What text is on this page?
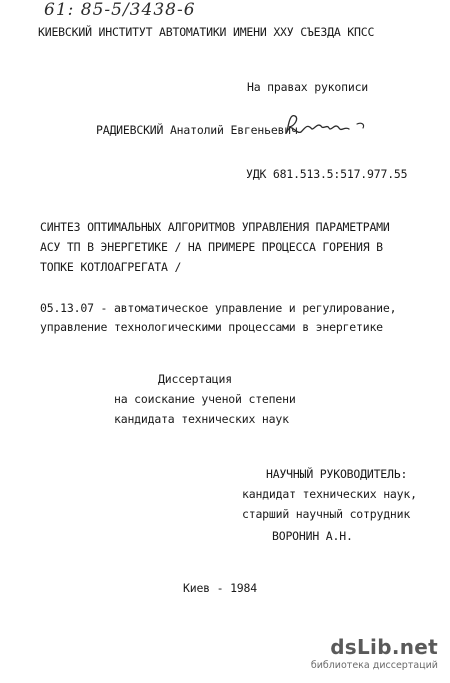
61: 85-5/3438-6
КИЕВСКИЙ ИНСТИТУТ АВТОМАТИКИ ИМЕНИ ХХУ СЪЕЗДА КПСС
На правах рукописи
РАДИЕВСКИЙ Анатолий Евгеньевич
УДК 681.513.5:517.977.55
СИНТЕЗ ОПТИМАЛЬНЫХ АЛГОРИТМОВ УПРАВЛЕНИЯ ПАРАМЕТРАМИ
АСУ ТП В ЭНЕРГЕТИКЕ / НА ПРИМЕРЕ ПРОЦЕССА ГОРЕНИЯ В
ТОПКЕ КОТЛОАГРЕГАТА /
05.13.07 - автоматическое управление и регулирование,
управление технологическими процессами в энергетике
Диссертация
на соискание ученой степени
кандидата технических наук
НАУЧНЫЙ РУКОВОДИТЕЛЬ:
кандидат технических наук,
старший научный сотрудник
ВОРОНИН А.Н.
Киев - 1984
dsLib.net
библиотека диссертаций
